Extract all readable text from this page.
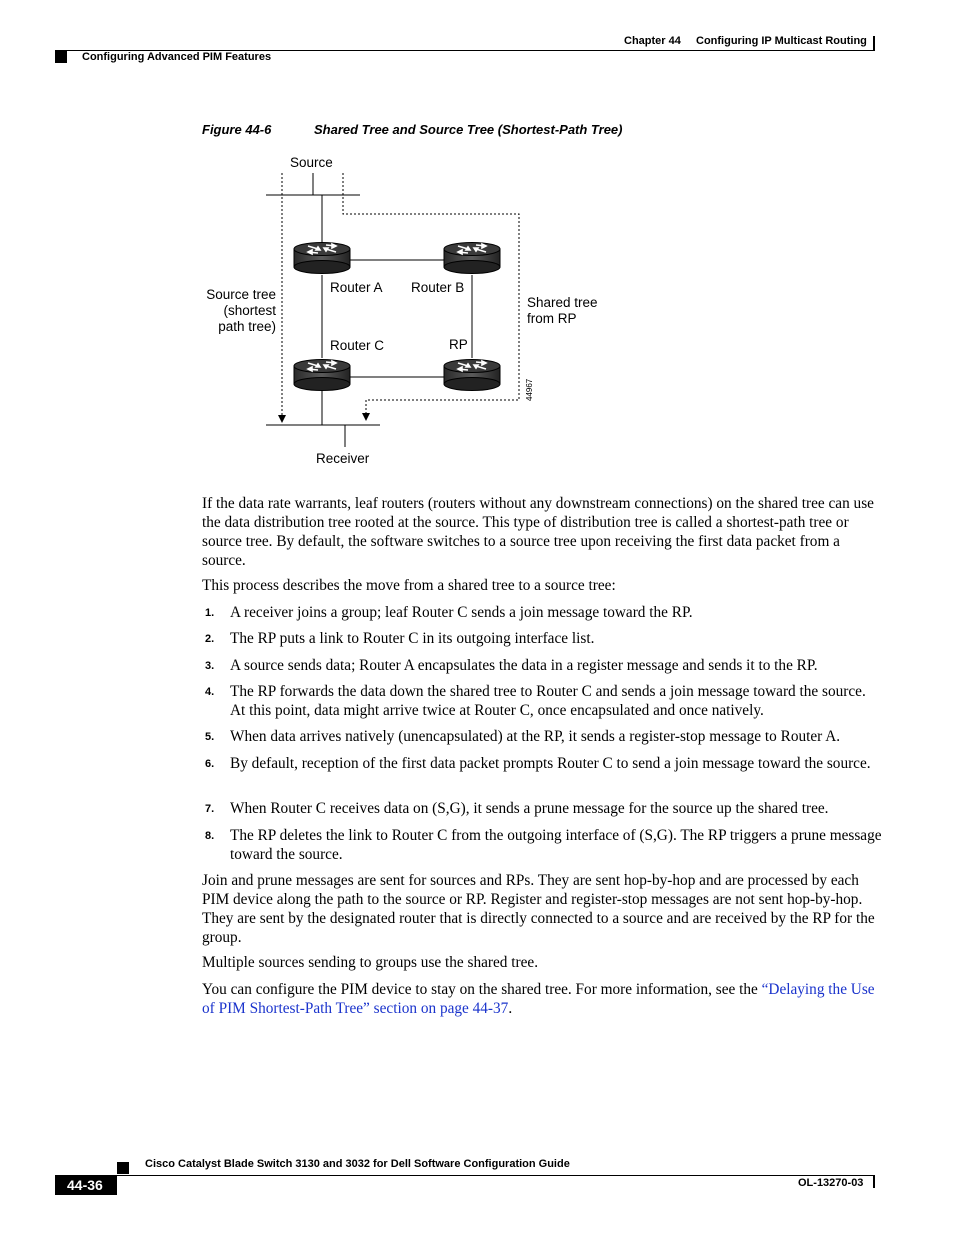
Chapter 44 Configuring IP Multicast Routing
Configuring Advanced PIM Features
Figure 44-6	Shared Tree and Source Tree (Shortest-Path Tree)
44967
Source
Router A Router B
Router C	RP
Receiver
Source tree
(shortest
path tree)
Shared tree
from RP

If the data rate warrants, leaf routers (routers without any downstream connections) on the shared tree can use the data distribution tree rooted at the source. This type of distribution tree is called a shortest-path tree or source tree. By default, the software switches to a source tree upon receiving the first data packet from a source.

This process describes the move from a shared tree to a source tree:

1. A receiver joins a group; leaf Router C sends a join message toward the RP.
2. The RP puts a link to Router C in its outgoing interface list.
3. A source sends data; Router A encapsulates the data in a register message and sends it to the RP.
4. The RP forwards the data down the shared tree to Router C and sends a join message toward the source. At this point, data might arrive twice at Router C, once encapsulated and once natively.
5. When data arrives natively (unencapsulated) at the RP, it sends a register-stop message to Router A.
6. By default, reception of the first data packet prompts Router C to send a join message toward the source.
7. When Router C receives data on (S,G), it sends a prune message for the source up the shared tree.
8. The RP deletes the link to Router C from the outgoing interface of (S,G). The RP triggers a prune message toward the source.

Join and prune messages are sent for sources and RPs. They are sent hop-by-hop and are processed by each PIM device along the path to the source or RP. Register and register-stop messages are not sent hop-by-hop. They are sent by the designated router that is directly connected to a source and are received by the RP for the group.

Multiple sources sending to groups use the shared tree.

You can configure the PIM device to stay on the shared tree. For more information, see the “Delaying the Use of PIM Shortest-Path Tree” section on page 44-37.

Cisco Catalyst Blade Switch 3130 and 3032 for Dell Software Configuration Guide
44-36	OL-13270-03
